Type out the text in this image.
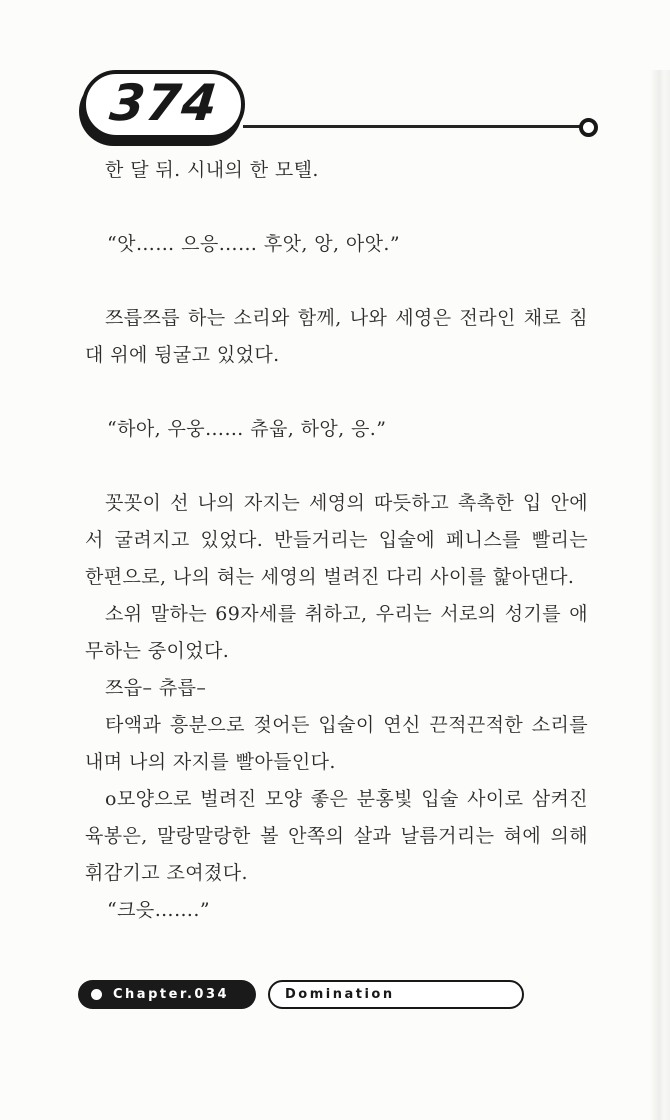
374
한 달 뒤. 시내의 한 모텔.
“앗…… 으응…… 후앗, 앙, 아앗.”
쯔릅쯔릅 하는 소리와 함께, 나와 세영은 전라인 채로 침
대 위에 뒹굴고 있었다.
“하아, 우웅…… 츄웁, 하앙, 응.”
꼿꼿이 선 나의 자지는 세영의 따듯하고 촉촉한 입 안에
서 굴려지고 있었다. 반들거리는 입술에 페니스를 빨리는
한편으로, 나의 혀는 세영의 벌려진 다리 사이를 핥아댄다.
소위 말하는 69자세를 취하고, 우리는 서로의 성기를 애
무하는 중이었다.
쯔읍– 츄릅–
타액과 흥분으로 젖어든 입술이 연신 끈적끈적한 소리를
내며 나의 자지를 빨아들인다.
o모양으로 벌려진 모양 좋은 분홍빛 입술 사이로 삼켜진
육봉은, 말랑말랑한 볼 안쪽의 살과 날름거리는 혀에 의해
휘감기고 조여졌다.
“크읏…….”
Chapter.034	Domination
